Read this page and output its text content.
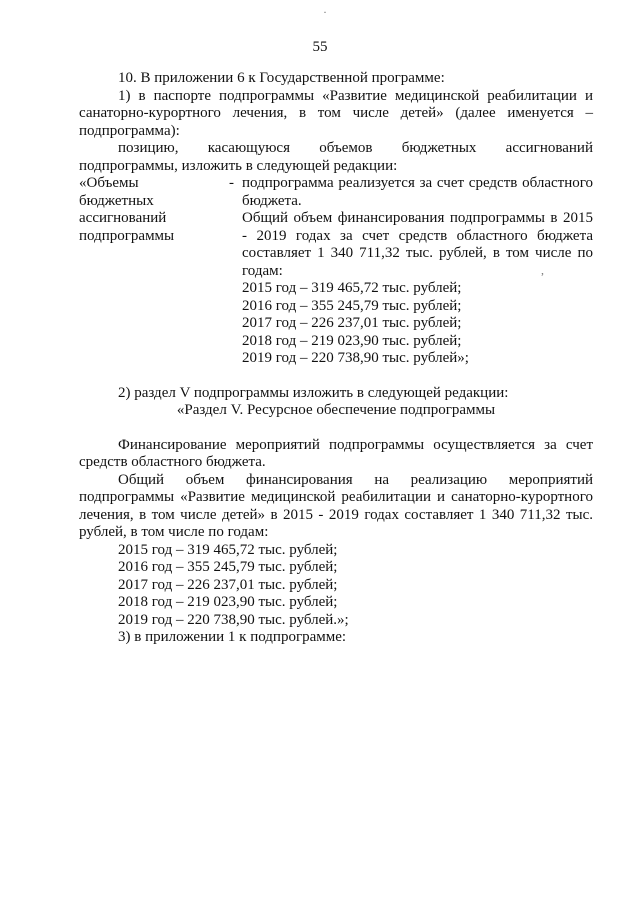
55

10. В приложении 6 к Государственной программе:

1) в паспорте подпрограммы «Развитие медицинской реабилитации и санаторно-курортного лечения, в том числе детей» (далее именуется – подпрограмма):

позицию, касающуюся объемов бюджетных ассигнований подпрограммы, изложить в следующей редакции:

«Объемы

бюджетных

ассигнований

подпрограммы

- подпрограмма реализуется за счет средств областного бюджета.

Общий объем финансирования подпрограммы в 2015 - 2019 годах за счет средств областного бюджета составляет 1 340 711,32 тыс. рублей, в том числе по годам:

2015 год – 319 465,72 тыс. рублей;

2016 год – 355 245,79 тыс. рублей;

2017 год – 226 237,01 тыс. рублей;

2018 год – 219 023,90 тыс. рублей;

2019 год – 220 738,90 тыс. рублей»;

2) раздел V подпрограммы изложить в следующей редакции:

«Раздел V. Ресурсное обеспечение подпрограммы

Финансирование мероприятий подпрограммы осуществляется за счет средств областного бюджета.

Общий объем финансирования на реализацию мероприятий подпрограммы «Развитие медицинской реабилитации и санаторно-курортного лечения, в том числе детей» в 2015 - 2019 годах составляет 1 340 711,32 тыс. рублей, в том числе по годам:

2015 год – 319 465,72 тыс. рублей;

2016 год – 355 245,79 тыс. рублей;

2017 год – 226 237,01 тыс. рублей;

2018 год – 219 023,90 тыс. рублей;

2019 год – 220 738,90 тыс. рублей.»;

3) в приложении 1 к подпрограмме:

,
·
